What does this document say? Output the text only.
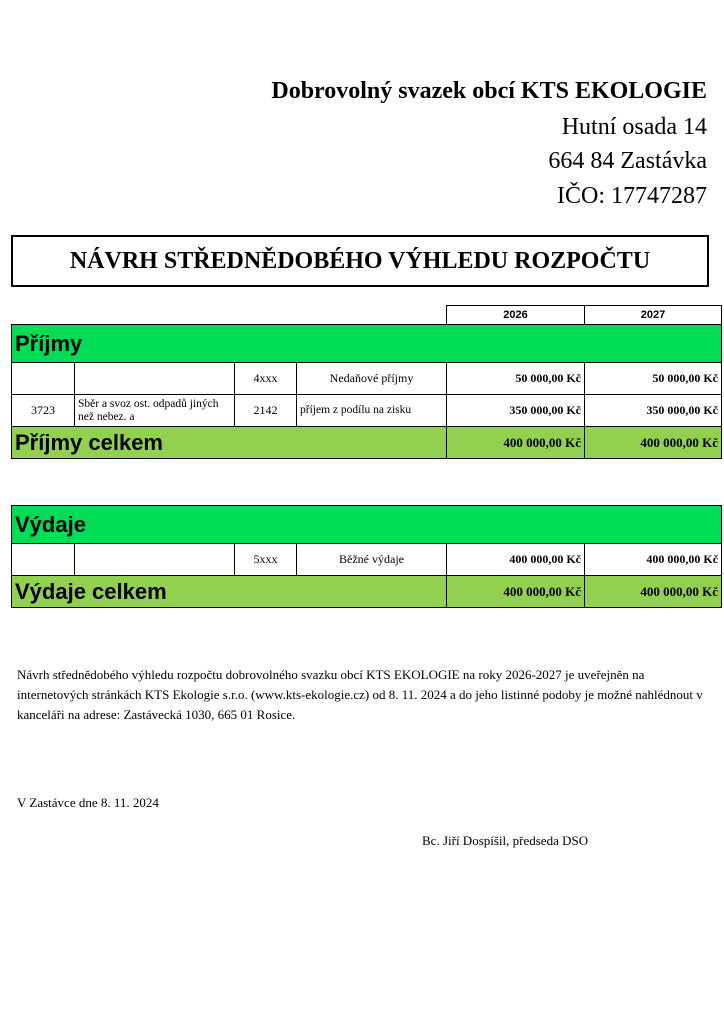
Dobrovolný svazek obcí KTS EKOLOGIE
Hutní osada 14
664 84 Zastávka
IČO: 17747287
NÁVRH STŘEDNĚDOBÉHO VÝHLEDU ROZPOČTU
				2026	2027
Příjmy					
		4xxx	Nedaňové příjmy	50 000,00 Kč	50 000,00 Kč
3723	Sběr a svoz ost. odpadů jiných než nebez. a	2142	příjem z podílu na zisku	350 000,00 Kč	350 000,00 Kč
Příjmy celkem				400 000,00 Kč	400 000,00 Kč
Výdaje					
		5xxx	Běžné výdaje	400 000,00 Kč	400 000,00 Kč
Výdaje celkem				400 000,00 Kč	400 000,00 Kč
Návrh střednědobého výhledu rozpočtu dobrovolného svazku obcí KTS EKOLOGIE na roky 2026-2027 je uveřejněn na internetových stránkách KTS Ekologie s.r.o. (www.kts-ekologie.cz) od 8. 11. 2024 a do jeho listinné podoby je možné nahlédnout v kanceláři na adrese: Zastávecká 1030, 665 01 Rosice.
V Zastávce dne 8. 11. 2024
Bc. Jiří Dospíšil, předseda DSO
